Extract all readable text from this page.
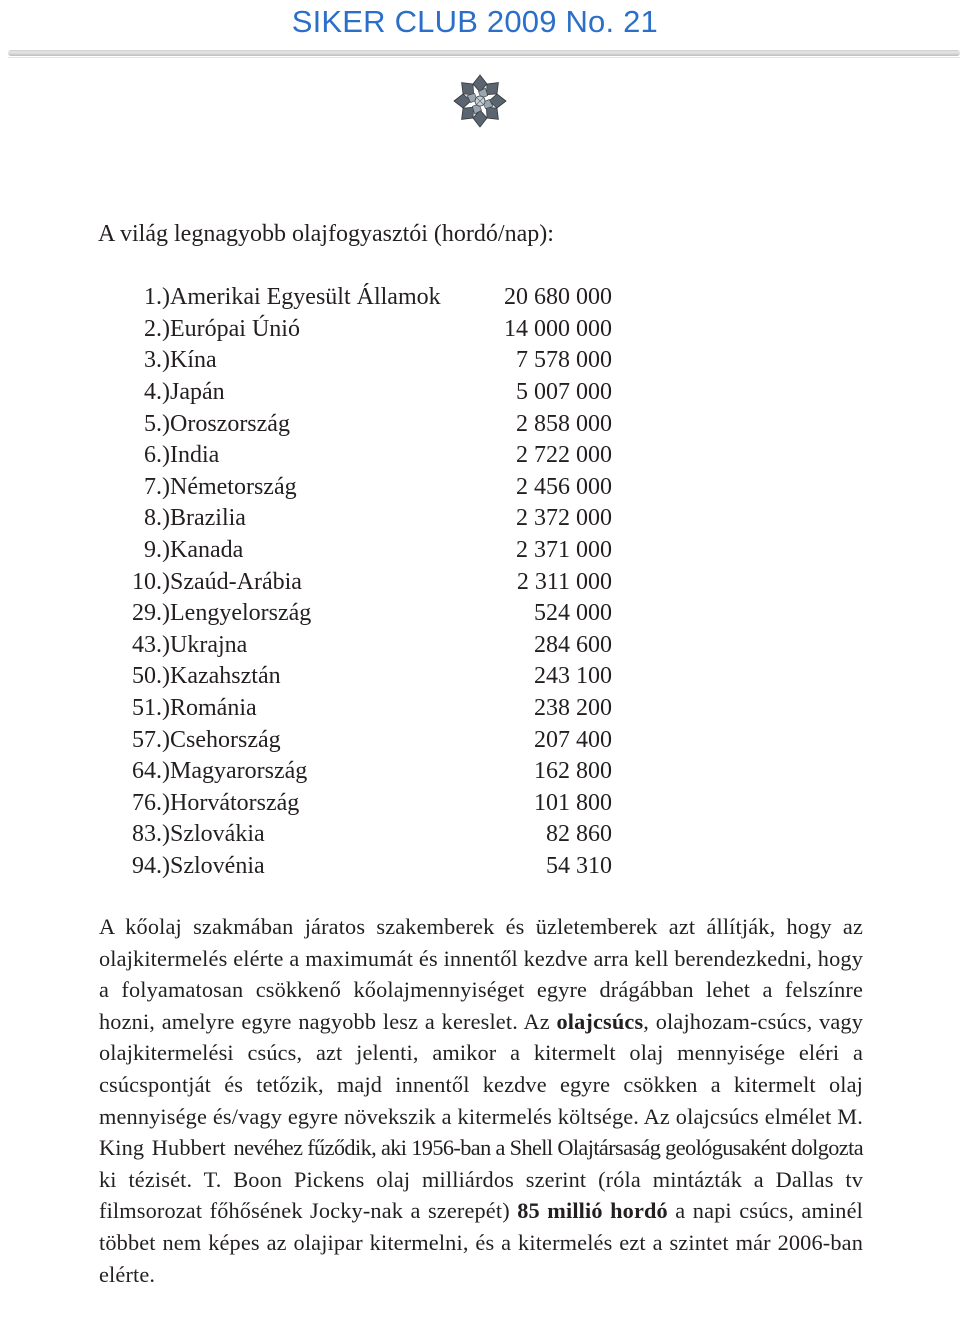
SIKER CLUB 2009 No. 21
A világ legnagyobb olajfogyasztói (hordó/nap):
1.) Amerikai Egyesült Államok	20 680 000
2.) Európai Únió	14 000 000
3.) Kína	7 578 000
4.) Japán	5 007 000
5.) Oroszország	2 858 000
6.) India	2 722 000
7.) Németország	2 456 000
8.) Brazilia	2 372 000
9.) Kanada	2 371 000
10.) Szaúd-Arábia	2 311 000
29.) Lengyelország	524 000
43.) Ukrajna	284 600
50.) Kazahsztán	243 100
51.) Románia	238 200
57.) Csehország	207 400
64.) Magyarország	162 800
76.) Horvátország	101 800
83.) Szlovákia	82 860
94.) Szlovénia	54 310
A kőolaj szakmában járatos szakemberek és üzletemberek azt állítják, hogy az olajkitermelés elérte a maximumát és innentől kezdve arra kell berendezkedni, hogy a folyamatosan csökkenő kőolajmennyiséget egyre drágábban lehet a felszínre hozni, amelyre egyre nagyobb lesz a kereslet. Az olajcsúcs, olajhozam-csúcs, vagy olajkitermelési csúcs, azt jelenti, amikor a kitermelt olaj mennyisége eléri a csúcspontját és tetőzik, majd innentől kezdve egyre csökken a kitermelt olaj mennyisége és/vagy egyre növekszik a kitermelés költsége. Az olajcsúcs elmélet M. King Hubbert nevéhez fűződik, aki 1956-ban a Shell Olajtársaság geológusaként dolgozta ki tézisét. T. Boon Pickens olaj milliárdos szerint (róla mintázták a Dallas tv filmsorozat főhősének Jocky-nak a szerepét) 85 millió hordó a napi csúcs, aminél többet nem képes az olajipar kitermelni, és a kitermelés ezt a szintet már 2006-ban elérte.
